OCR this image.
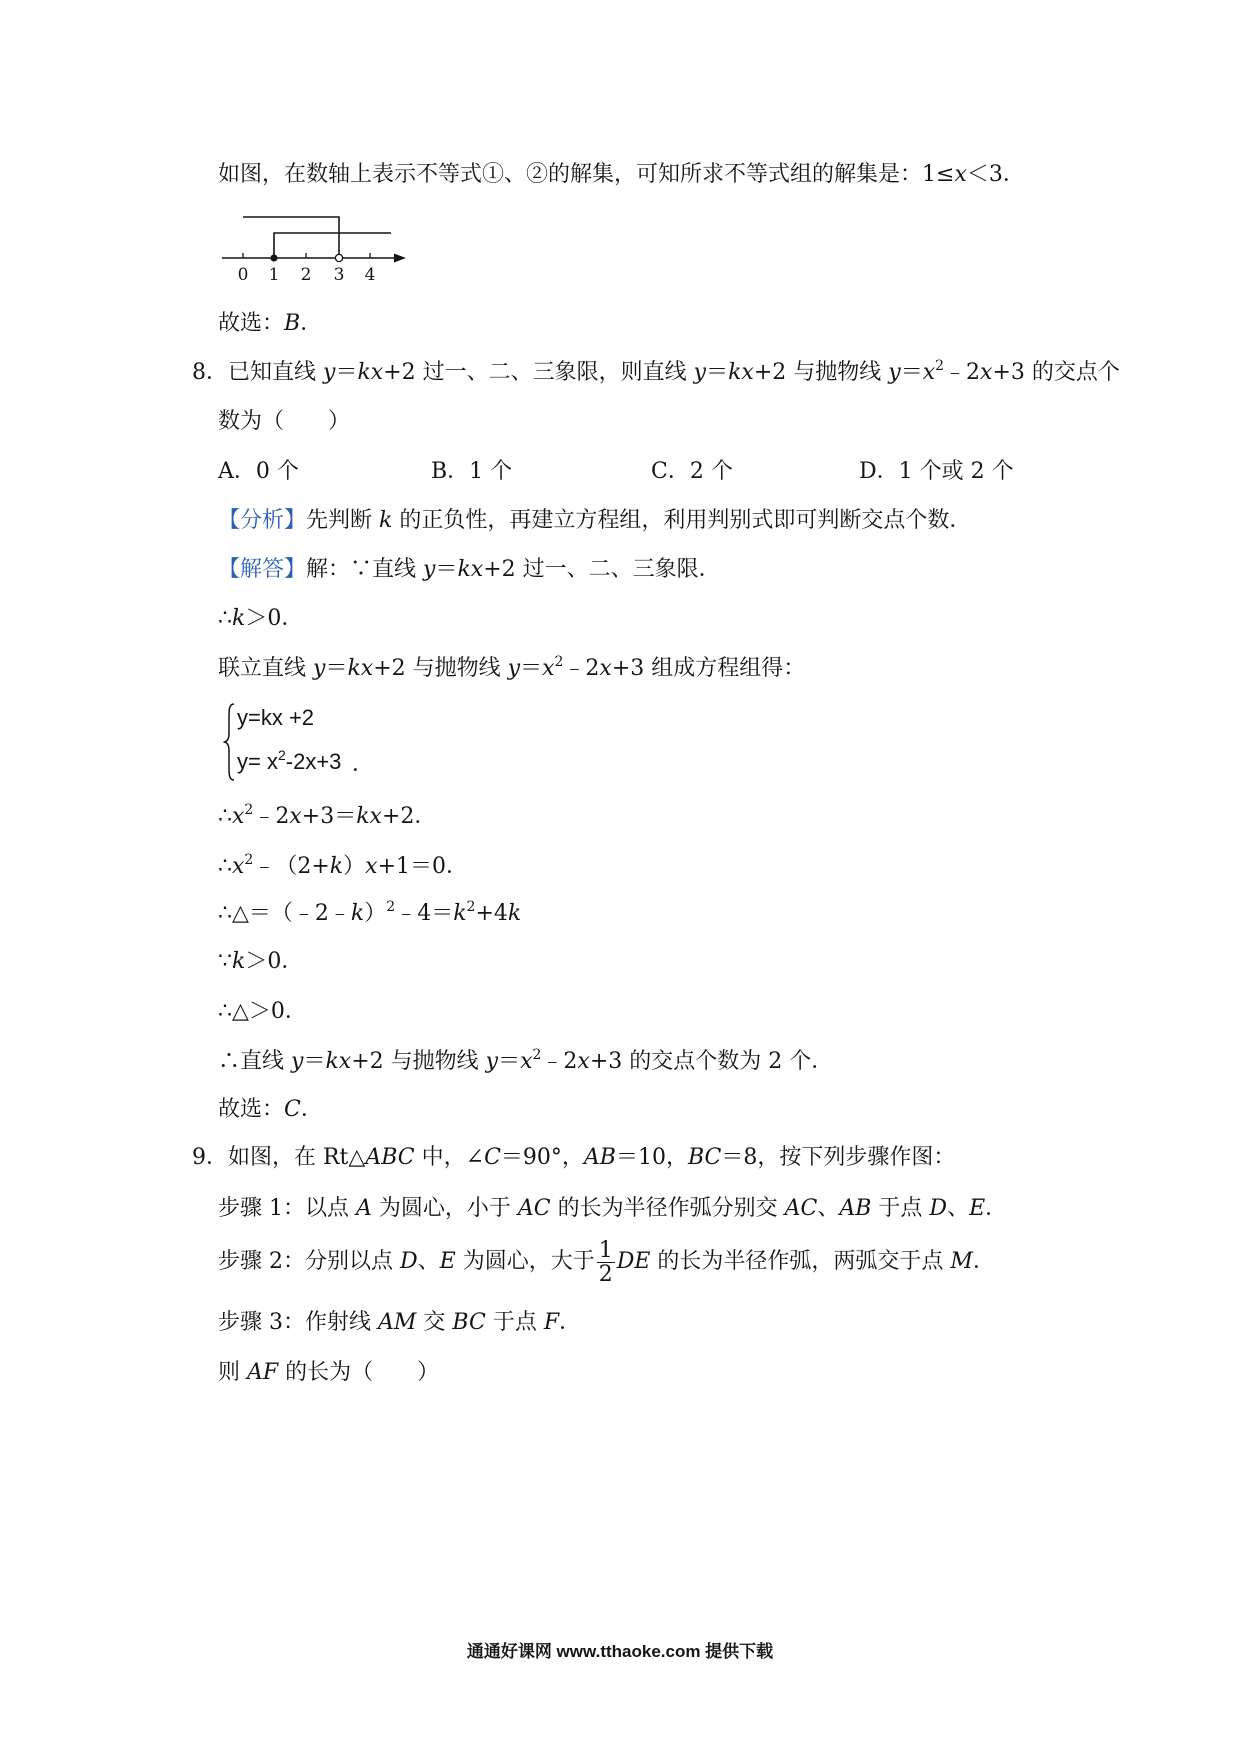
如图，在数轴上表示不等式①、②的解集，可知所求不等式组的解集是：1≤x＜3．
0 1 2 3 4
故选：B．
8．已知直线 y＝kx+2 过一、二、三象限，则直线 y＝kx+2 与抛物线 $y=x^2﹣2x+3$ 的交点个
数为（　　）
A．0 个	B．1 个	C．2 个	D．1 个或 2 个
【分析】先判断 k 的正负性，再建立方程组，利用判别式即可判断交点个数．
【解答】解：∵直线 y＝kx+2 过一、二、三象限．
∴k＞0．
联立直线 y＝kx+2 与抛物线 $y=x^2﹣2x+3$ 组成方程组得：
y=kx +2
$y= x^2-2x+3$ ．
$\therefore x^2﹣2x+3=kx+2$．
$\therefore x^2﹣(2+k)x+1=0$．
$\therefore\triangle=(﹣2﹣k)^2﹣4=k^2+4k$
∵k＞0．
∴△＞0．
∴直线 y＝kx+2 与抛物线 $y=x^2﹣2x+3$ 的交点个数为 2 个．
故选：C．
9．如图，在 Rt△ABC 中，∠C＝90°，AB＝10，BC＝8，按下列步骤作图：
步骤 1：以点 A 为圆心，小于 AC 的长为半径作弧分别交 AC、AB 于点 D、E．
步骤 2：分别以点 D、E 为圆心，大于 $\frac{1}{2}$ DE 的长为半径作弧，两弧交于点 M．
步骤 3：作射线 AM 交 BC 于点 F．
则 AF 的长为（　　）
通通好课网 www.tthaoke.com 提供下载
